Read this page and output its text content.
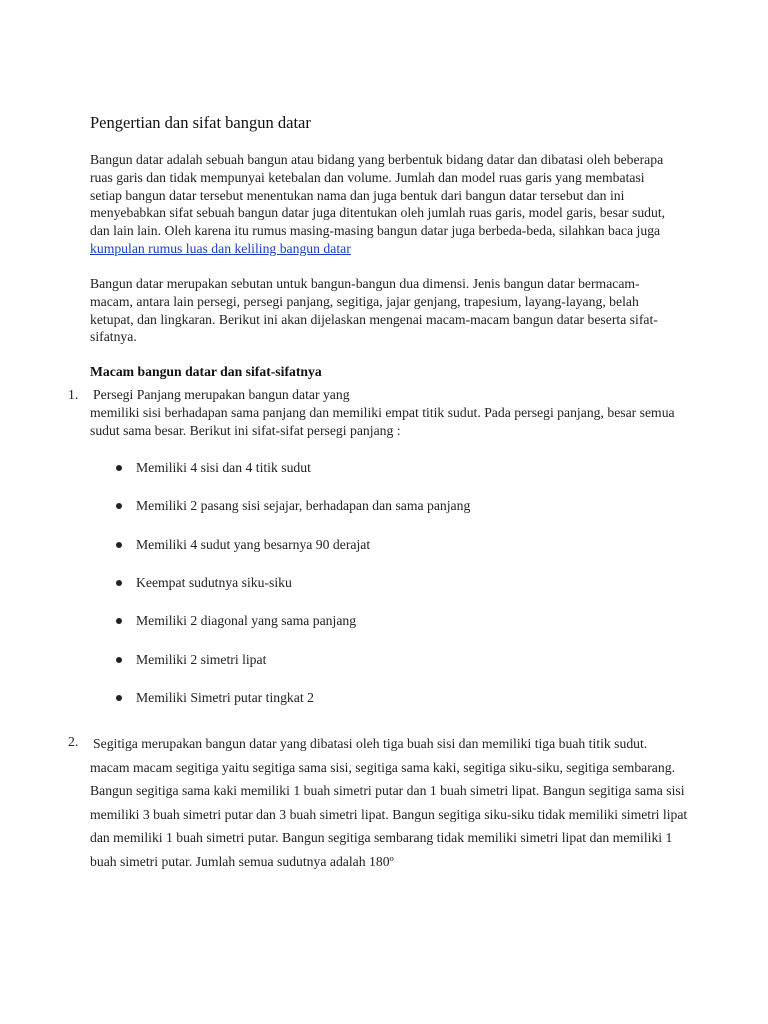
Pengertian dan sifat bangun datar

Bangun datar adalah sebuah bangun atau bidang yang berbentuk bidang datar dan dibatasi oleh beberapa ruas garis dan tidak mempunyai ketebalan dan volume. Jumlah dan model ruas garis yang membatasi setiap bangun datar tersebut menentukan nama dan juga bentuk dari bangun datar tersebut dan ini menyebabkan sifat sebuah bangun datar juga ditentukan oleh jumlah ruas garis, model garis, besar sudut, dan lain lain. Oleh karena itu rumus masing-masing bangun datar juga berbeda-beda, silahkan baca juga kumpulan rumus luas dan keliling bangun datar

Bangun datar merupakan sebutan untuk bangun-bangun dua dimensi. Jenis bangun datar bermacam-macam, antara lain persegi, persegi panjang, segitiga, jajar genjang, trapesium, layang-layang, belah ketupat, dan lingkaran. Berikut ini akan dijelaskan mengenai macam-macam bangun datar beserta sifat-sifatnya.

Macam bangun datar dan sifat-sifatnya
1. Persegi Panjang merupakan bangun datar yang

memiliki sisi berhadapan sama panjang dan memiliki empat titik sudut. Pada persegi panjang, besar semua sudut sama besar. Berikut ini sifat-sifat persegi panjang :

Memiliki 4 sisi dan 4 titik sudut
Memiliki 2 pasang sisi sejajar, berhadapan dan sama panjang
Memiliki 4 sudut yang besarnya 90 derajat
Keempat sudutnya siku-siku
Memiliki 2 diagonal yang sama panjang
Memiliki 2 simetri lipat
Memiliki Simetri putar tingkat 2
2. Segitiga merupakan bangun datar yang dibatasi oleh tiga buah sisi dan memiliki tiga buah titik sudut. macam macam segitiga yaitu segitiga sama sisi, segitiga sama kaki, segitiga siku-siku, segitiga sembarang. Bangun segitiga sama kaki memiliki 1 buah simetri putar dan 1 buah simetri lipat. Bangun segitiga sama sisi memiliki 3 buah simetri putar dan 3 buah simetri lipat. Bangun segitiga siku-siku tidak memiliki simetri lipat dan memiliki 1 buah simetri putar. Bangun segitiga sembarang tidak memiliki simetri lipat dan memiliki 1 buah simetri putar. Jumlah semua sudutnya adalah 180º
